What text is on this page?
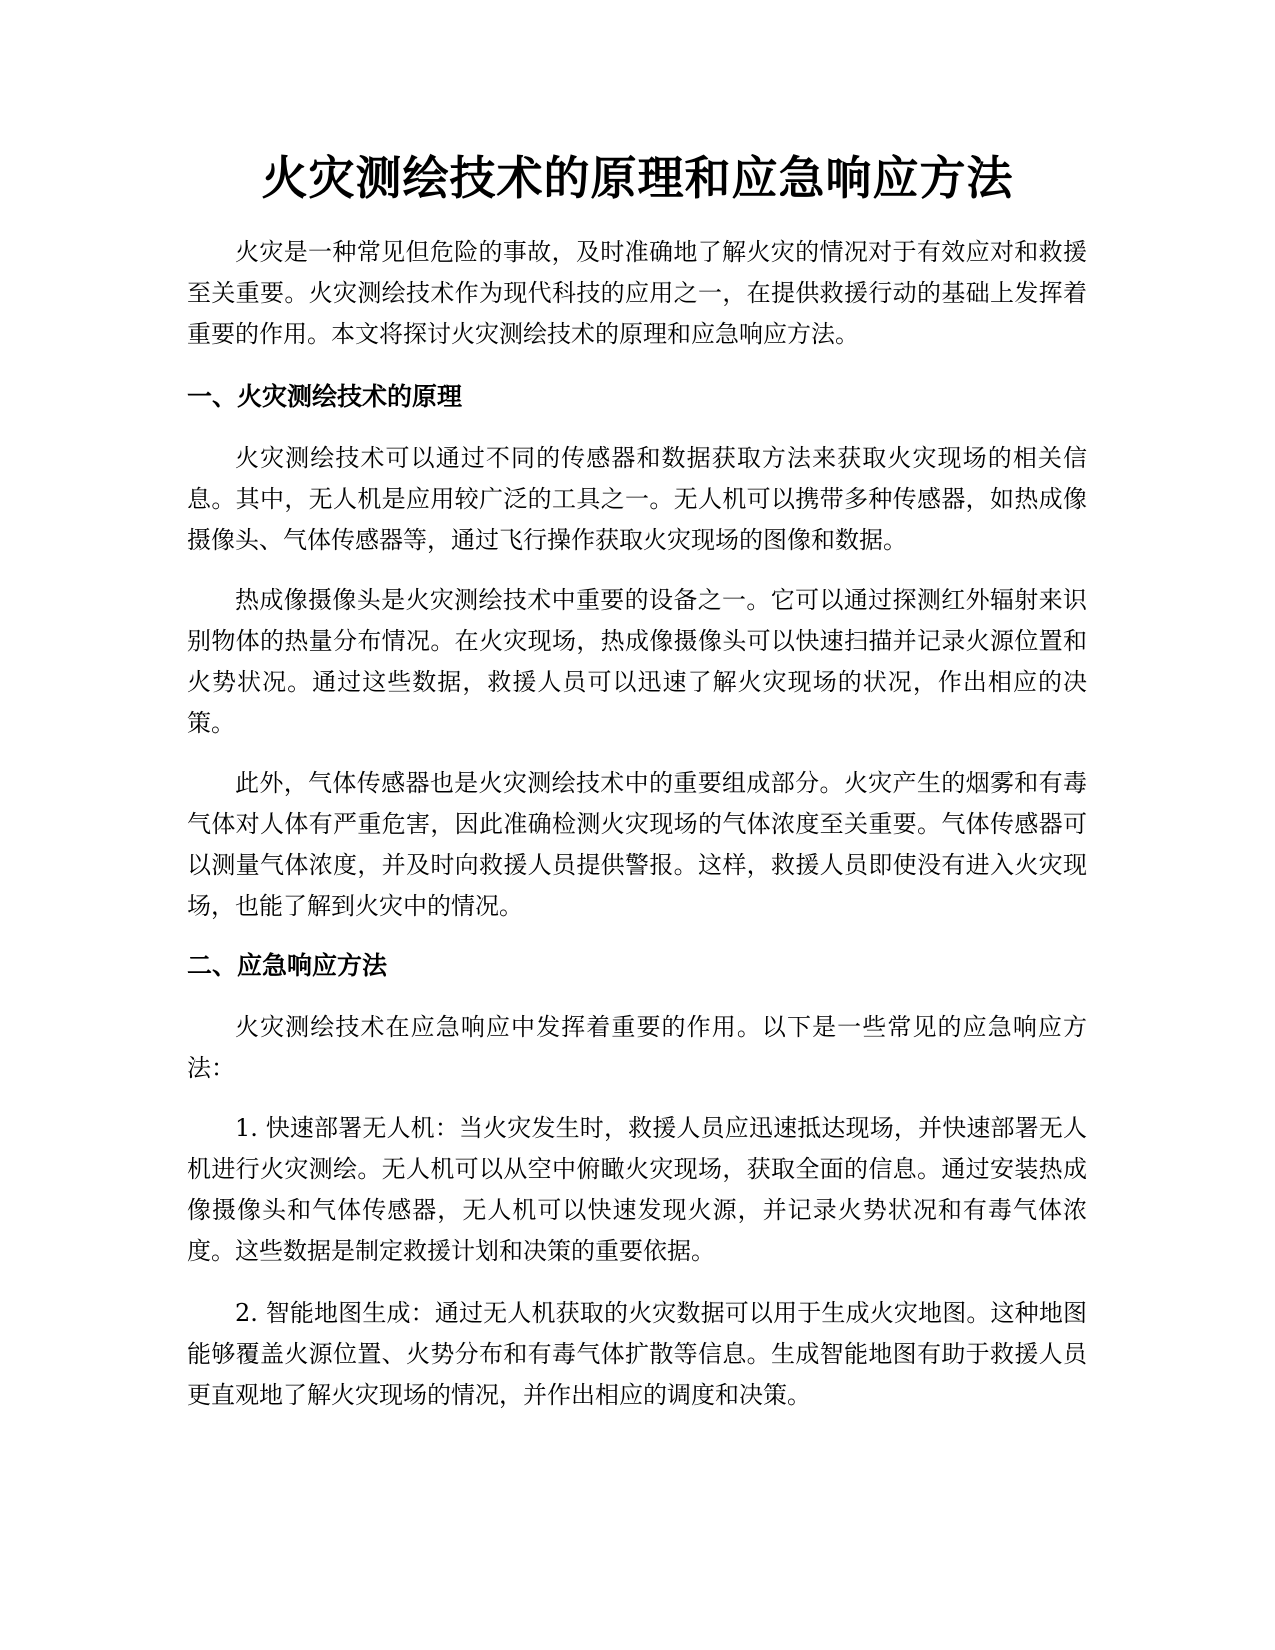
火灾测绘技术的原理和应急响应方法

火灾是一种常见但危险的事故，及时准确地了解火灾的情况对于有效应对和救援至关重要。火灾测绘技术作为现代科技的应用之一，在提供救援行动的基础上发挥着重要的作用。本文将探讨火灾测绘技术的原理和应急响应方法。

一、火灾测绘技术的原理

火灾测绘技术可以通过不同的传感器和数据获取方法来获取火灾现场的相关信息。其中，无人机是应用较广泛的工具之一。无人机可以携带多种传感器，如热成像摄像头、气体传感器等，通过飞行操作获取火灾现场的图像和数据。

热成像摄像头是火灾测绘技术中重要的设备之一。它可以通过探测红外辐射来识别物体的热量分布情况。在火灾现场，热成像摄像头可以快速扫描并记录火源位置和火势状况。通过这些数据，救援人员可以迅速了解火灾现场的状况，作出相应的决策。

此外，气体传感器也是火灾测绘技术中的重要组成部分。火灾产生的烟雾和有毒气体对人体有严重危害，因此准确检测火灾现场的气体浓度至关重要。气体传感器可以测量气体浓度，并及时向救援人员提供警报。这样，救援人员即使没有进入火灾现场，也能了解到火灾中的情况。

二、应急响应方法

火灾测绘技术在应急响应中发挥着重要的作用。以下是一些常见的应急响应方法：

1. 快速部署无人机：当火灾发生时，救援人员应迅速抵达现场，并快速部署无人机进行火灾测绘。无人机可以从空中俯瞰火灾现场，获取全面的信息。通过安装热成像摄像头和气体传感器，无人机可以快速发现火源，并记录火势状况和有毒气体浓度。这些数据是制定救援计划和决策的重要依据。

2. 智能地图生成：通过无人机获取的火灾数据可以用于生成火灾地图。这种地图能够覆盖火源位置、火势分布和有毒气体扩散等信息。生成智能地图有助于救援人员更直观地了解火灾现场的情况，并作出相应的调度和决策。
